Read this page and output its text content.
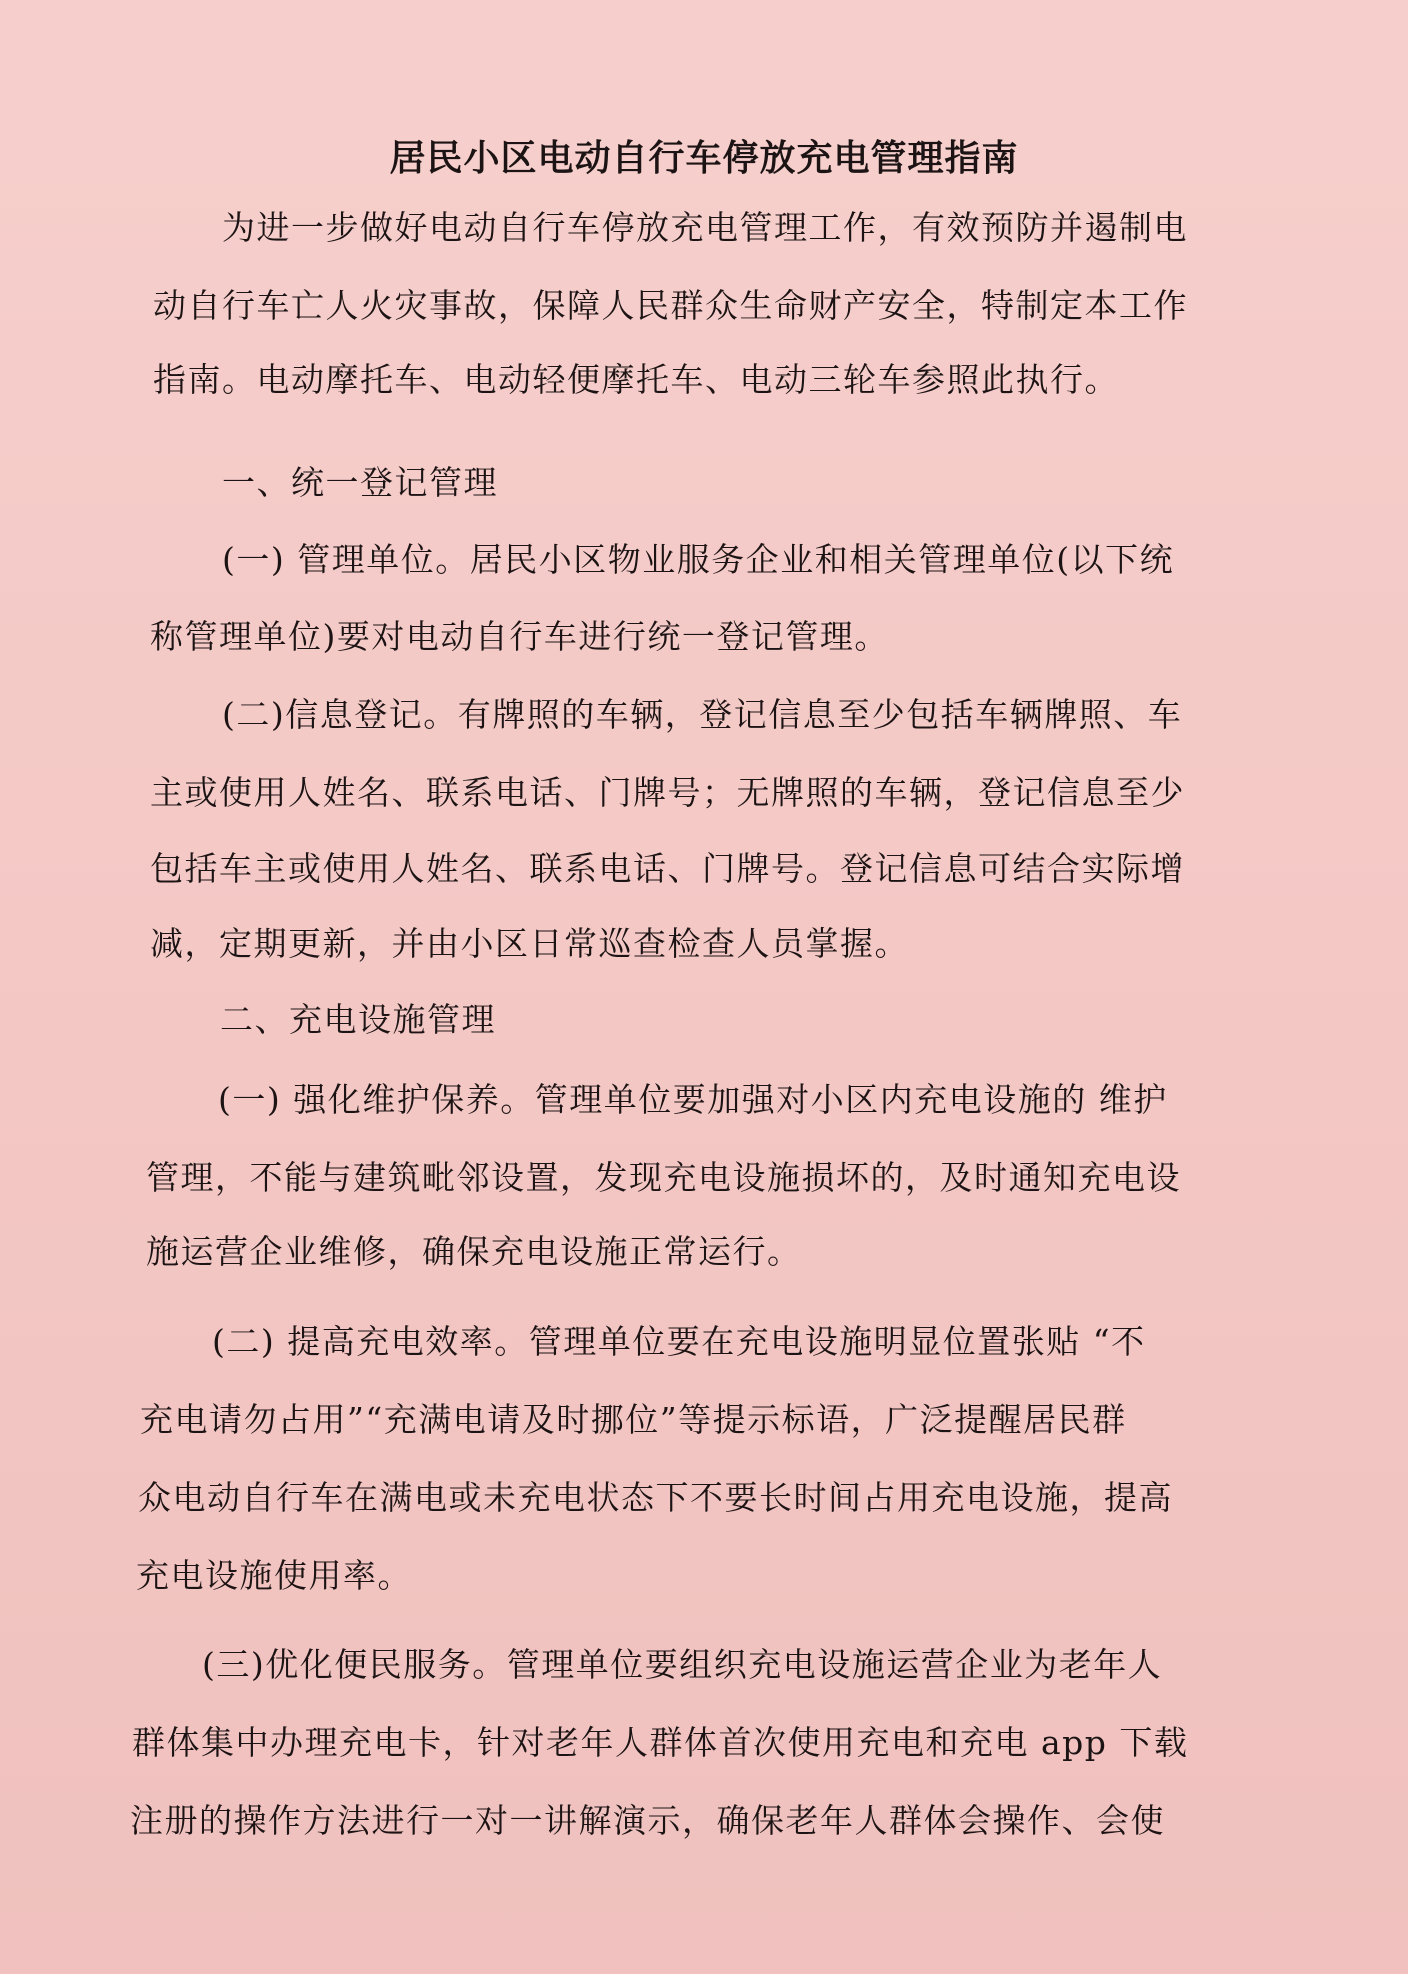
居民小区电动自行车停放充电管理指南

为进一步做好电动自行车停放充电管理工作，有效预防并遏制电

动自行车亡人火灾事故，保障人民群众生命财产安全，特制定本工作

指南。电动摩托车、电动轻便摩托车、电动三轮车参照此执行。

一、统一登记管理

(一) 管理单位。居民小区物业服务企业和相关管理单位(以下统

称管理单位)要对电动自行车进行统一登记管理。

(二)信息登记。有牌照的车辆，登记信息至少包括车辆牌照、车

主或使用人姓名、联系电话、门牌号；无牌照的车辆，登记信息至少

包括车主或使用人姓名、联系电话、门牌号。登记信息可结合实际增

减，定期更新，并由小区日常巡查检查人员掌握。

二、充电设施管理

(一) 强化维护保养。管理单位要加强对小区内充电设施的 维护

管理，不能与建筑毗邻设置，发现充电设施损坏的，及时通知充电设

施运营企业维修，确保充电设施正常运行。

(二) 提高充电效率。管理单位要在充电设施明显位置张贴 “不

充电请勿占用”“充满电请及时挪位”等提示标语，广泛提醒居民群

众电动自行车在满电或未充电状态下不要长时间占用充电设施，提高

充电设施使用率。

(三)优化便民服务。管理单位要组织充电设施运营企业为老年人

群体集中办理充电卡，针对老年人群体首次使用充电和充电 app 下载

注册的操作方法进行一对一讲解演示，确保老年人群体会操作、会使
